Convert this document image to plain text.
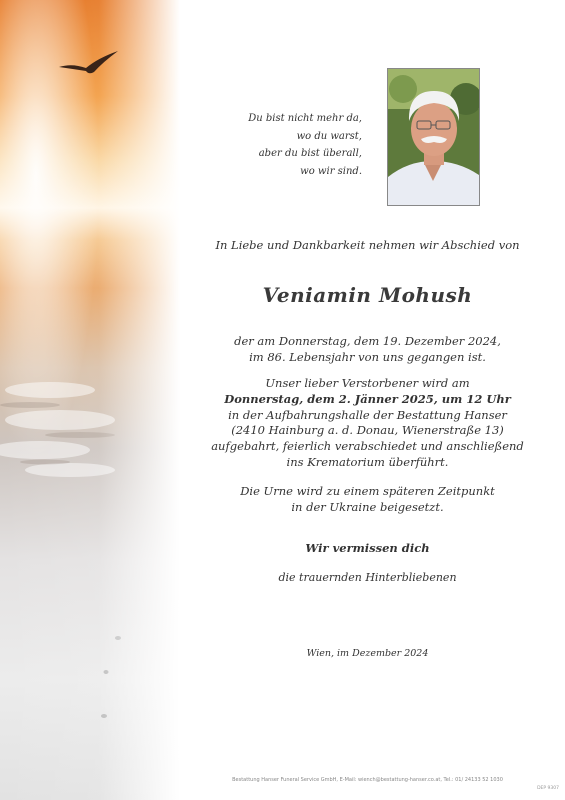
Du bist nicht mehr da,
wo du warst,
aber du bist überall,
wo wir sind.
In Liebe und Dankbarkeit nehmen wir Abschied von
Veniamin Mohush
der am Donnerstag, dem 19. Dezember 2024,
im 86. Lebensjahr von uns gegangen ist.
Unser lieber Verstorbener wird am
Donnerstag, dem 2. Jänner 2025, um 12 Uhr
in der Aufbahrungshalle der Bestattung Hanser
(2410 Hainburg a. d. Donau, Wienerstraße 13)
aufgebahrt, feierlich verabschiedet und anschließend
ins Krematorium überführt.
Die Urne wird zu einem späteren Zeitpunkt
in der Ukraine beigesetzt.
Wir vermissen dich
die trauernden Hinterbliebenen
Wien, im Dezember 2024
Bestattung Hanser Funeral Service GmbH, E-Mail: wiench@bestattung-hanser.co.at, Tel.: 01/ 24133 52 1030
DEP 9307
